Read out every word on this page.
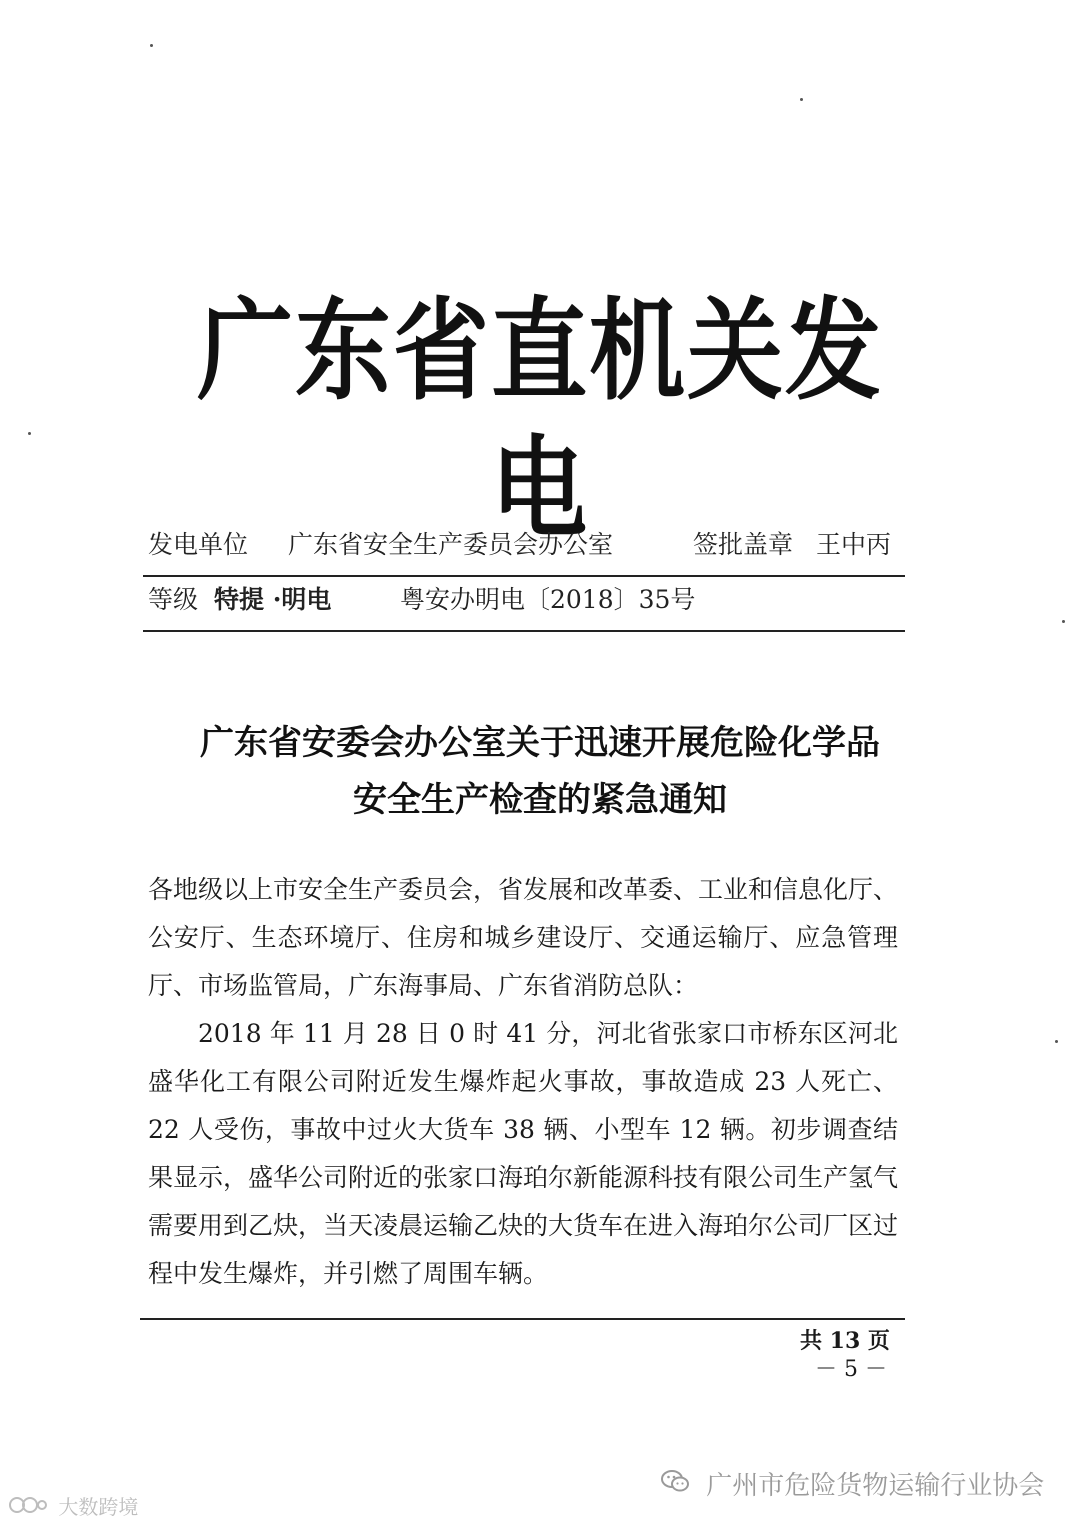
广东省直机关发电
发电单位 广东省安全生产委员会办公室	签批盖章 王中丙
等级 特提 ·明电	粤安办明电〔2018〕35号
广东省安委会办公室关于迅速开展危险化学品
安全生产检查的紧急通知
各地级以上市安全生产委员会，省发展和改革委、工业和信息化厅、公安厅、生态环境厅、住房和城乡建设厅、交通运输厅、应急管理厅、市场监管局，广东海事局、广东省消防总队：
2018 年 11 月 28 日 0 时 41 分，河北省张家口市桥东区河北盛华化工有限公司附近发生爆炸起火事故，事故造成 23 人死亡、22 人受伤，事故中过火大货车 38 辆、小型车 12 辆。初步调查结果显示，盛华公司附近的张家口海珀尔新能源科技有限公司生产氢气需要用到乙炔，当天凌晨运输乙炔的大货车在进入海珀尔公司厂区过程中发生爆炸，并引燃了周围车辆。
共 13 页
－ 5 －
广州市危险货物运输行业协会
大数跨境
